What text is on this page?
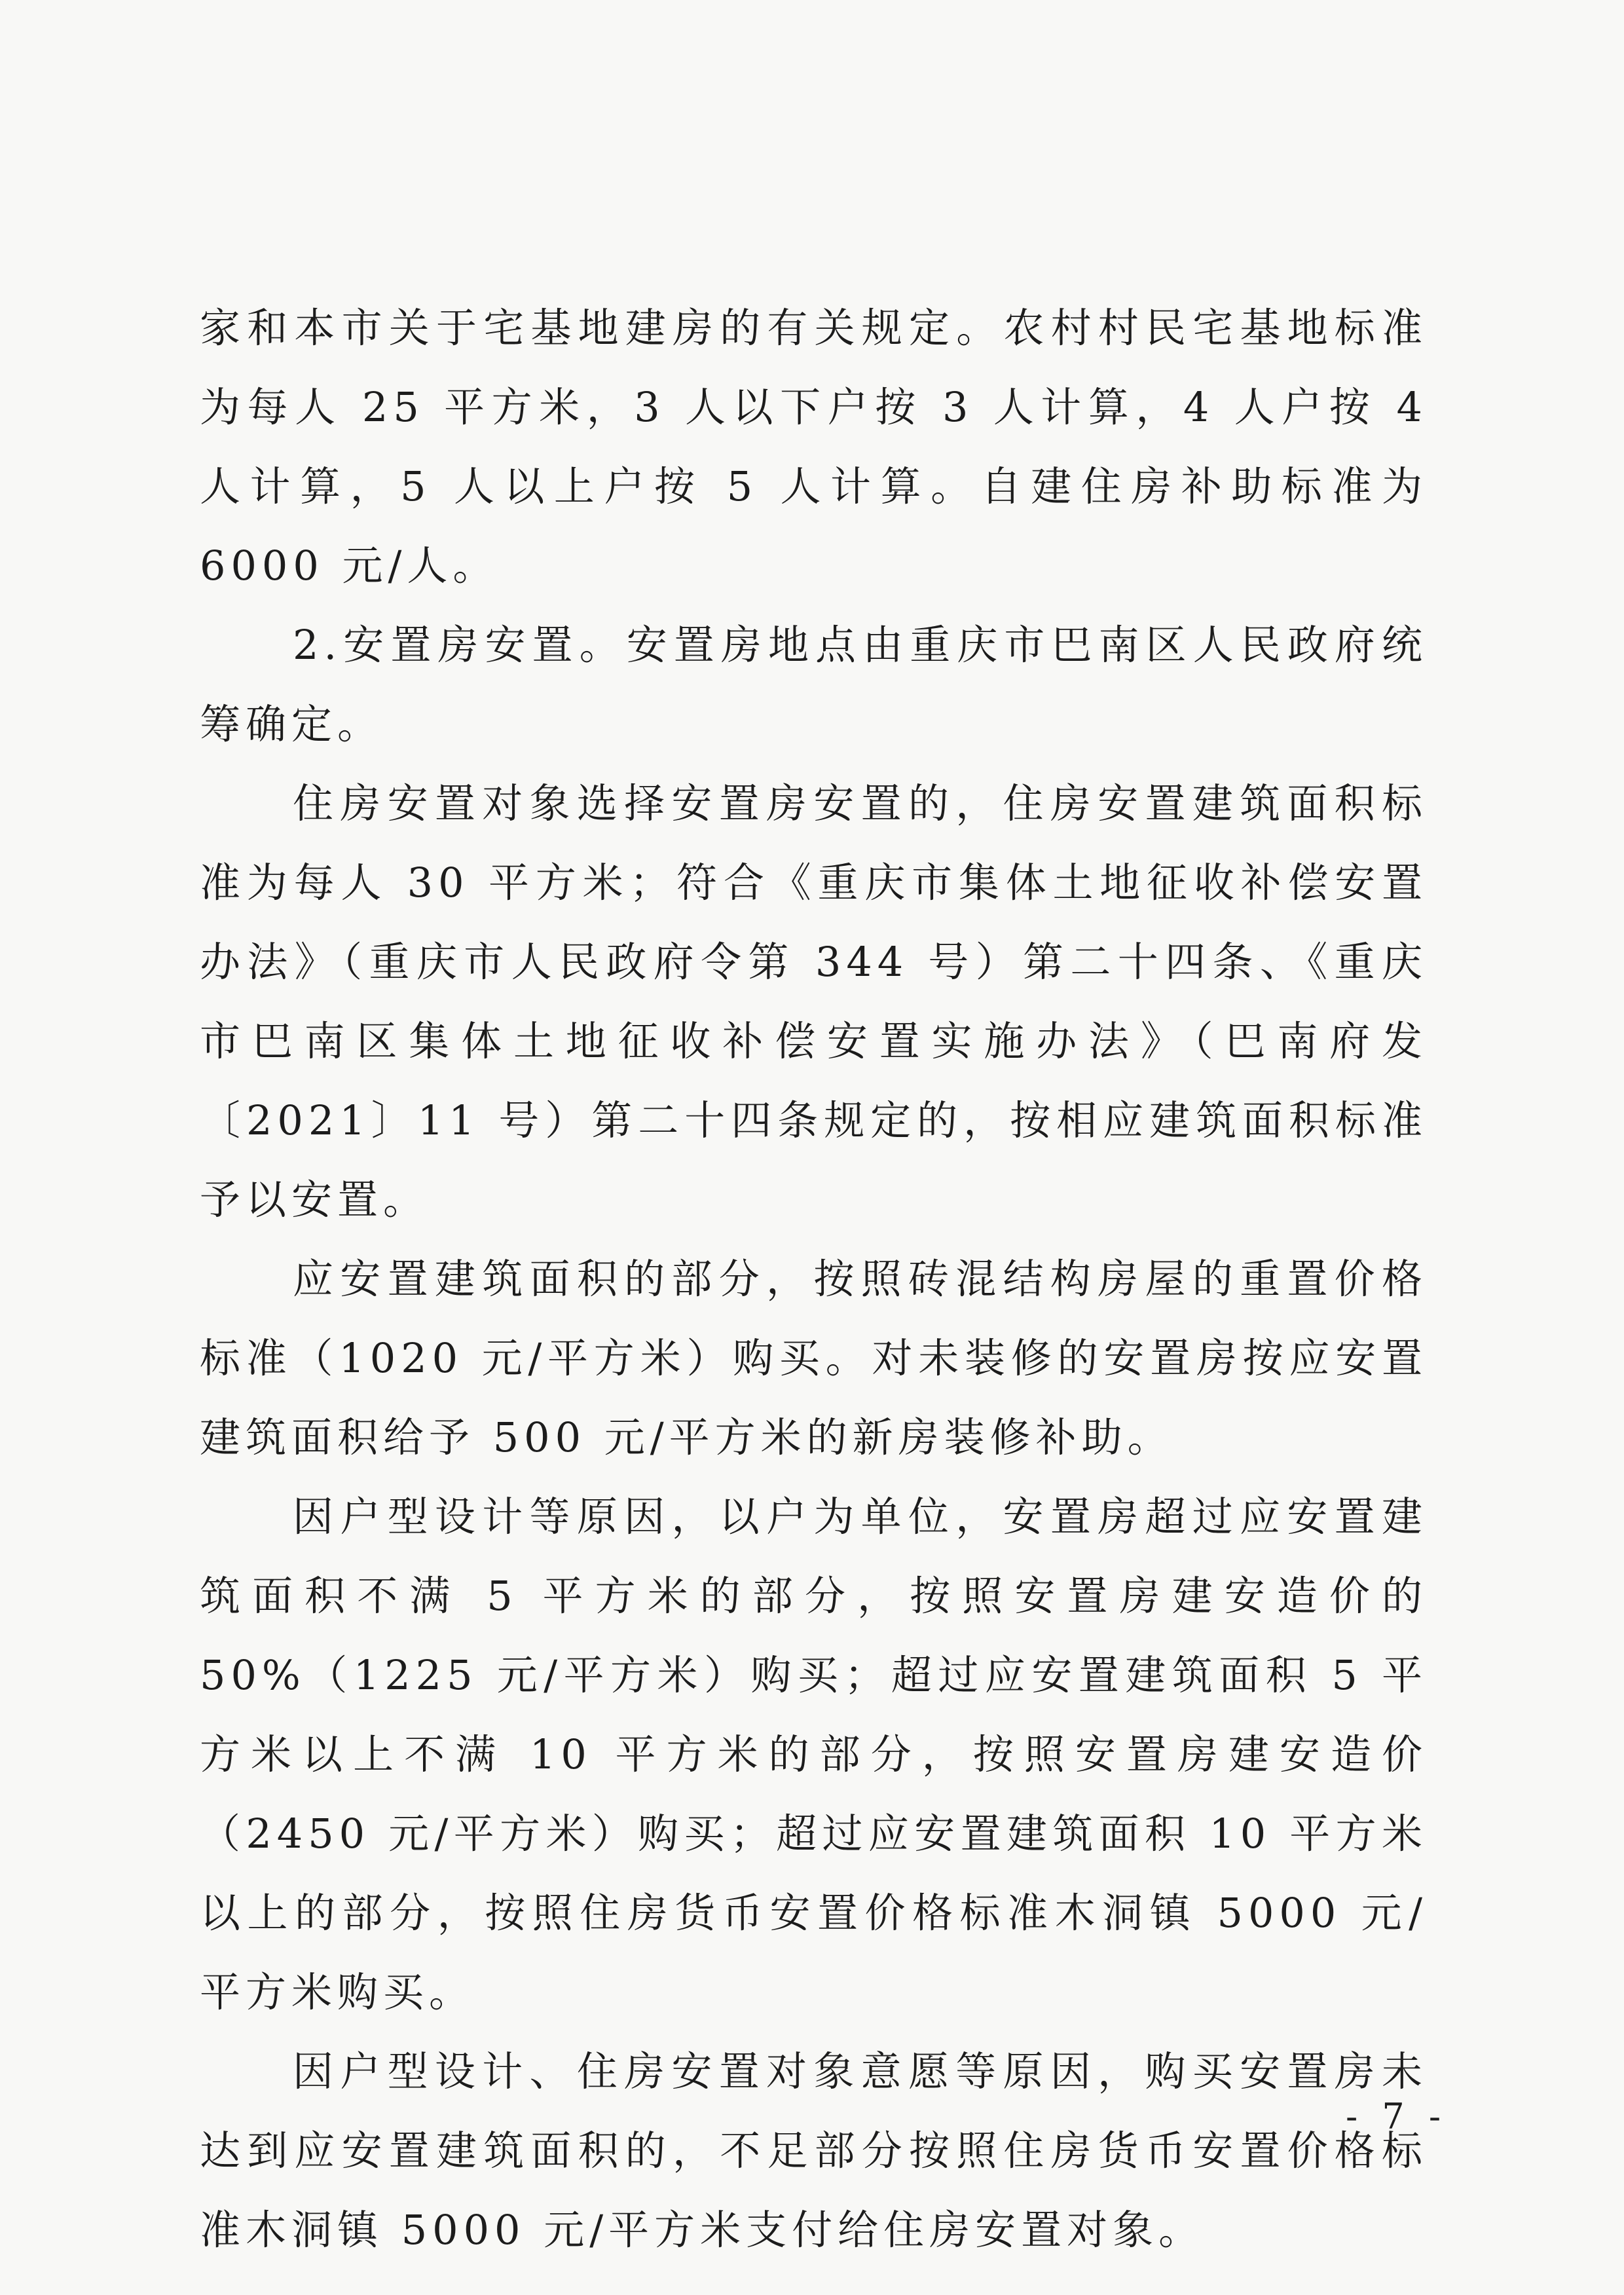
家和本市关于宅基地建房的有关规定。农村村民宅基地标准为每人 25 平方米，3 人以下户按 3 人计算，4 人户按 4 人计算，5 人以上户按 5 人计算。自建住房补助标准为 6000 元/人。

2.安置房安置。安置房地点由重庆市巴南区人民政府统筹确定。

住房安置对象选择安置房安置的，住房安置建筑面积标准为每人 30 平方米；符合《重庆市集体土地征收补偿安置办法》（重庆市人民政府令第 344 号）第二十四条、《重庆市巴南区集体土地征收补偿安置实施办法》（巴南府发〔2021〕11 号）第二十四条规定的，按相应建筑面积标准予以安置。

应安置建筑面积的部分，按照砖混结构房屋的重置价格标准（1020 元/平方米）购买。对未装修的安置房按应安置建筑面积给予 500 元/平方米的新房装修补助。

因户型设计等原因，以户为单位，安置房超过应安置建筑面积不满 5 平方米的部分，按照安置房建安造价的 50%（1225 元/平方米）购买；超过应安置建筑面积 5 平方米以上不满 10 平方米的部分，按照安置房建安造价（2450 元/平方米）购买；超过应安置建筑面积 10 平方米以上的部分，按照住房货币安置价格标准木洞镇 5000 元/平方米购买。

因户型设计、住房安置对象意愿等原因，购买安置房未达到应安置建筑面积的，不足部分按照住房货币安置价格标准木洞镇 5000 元/平方米支付给住房安置对象。

- 7 -
